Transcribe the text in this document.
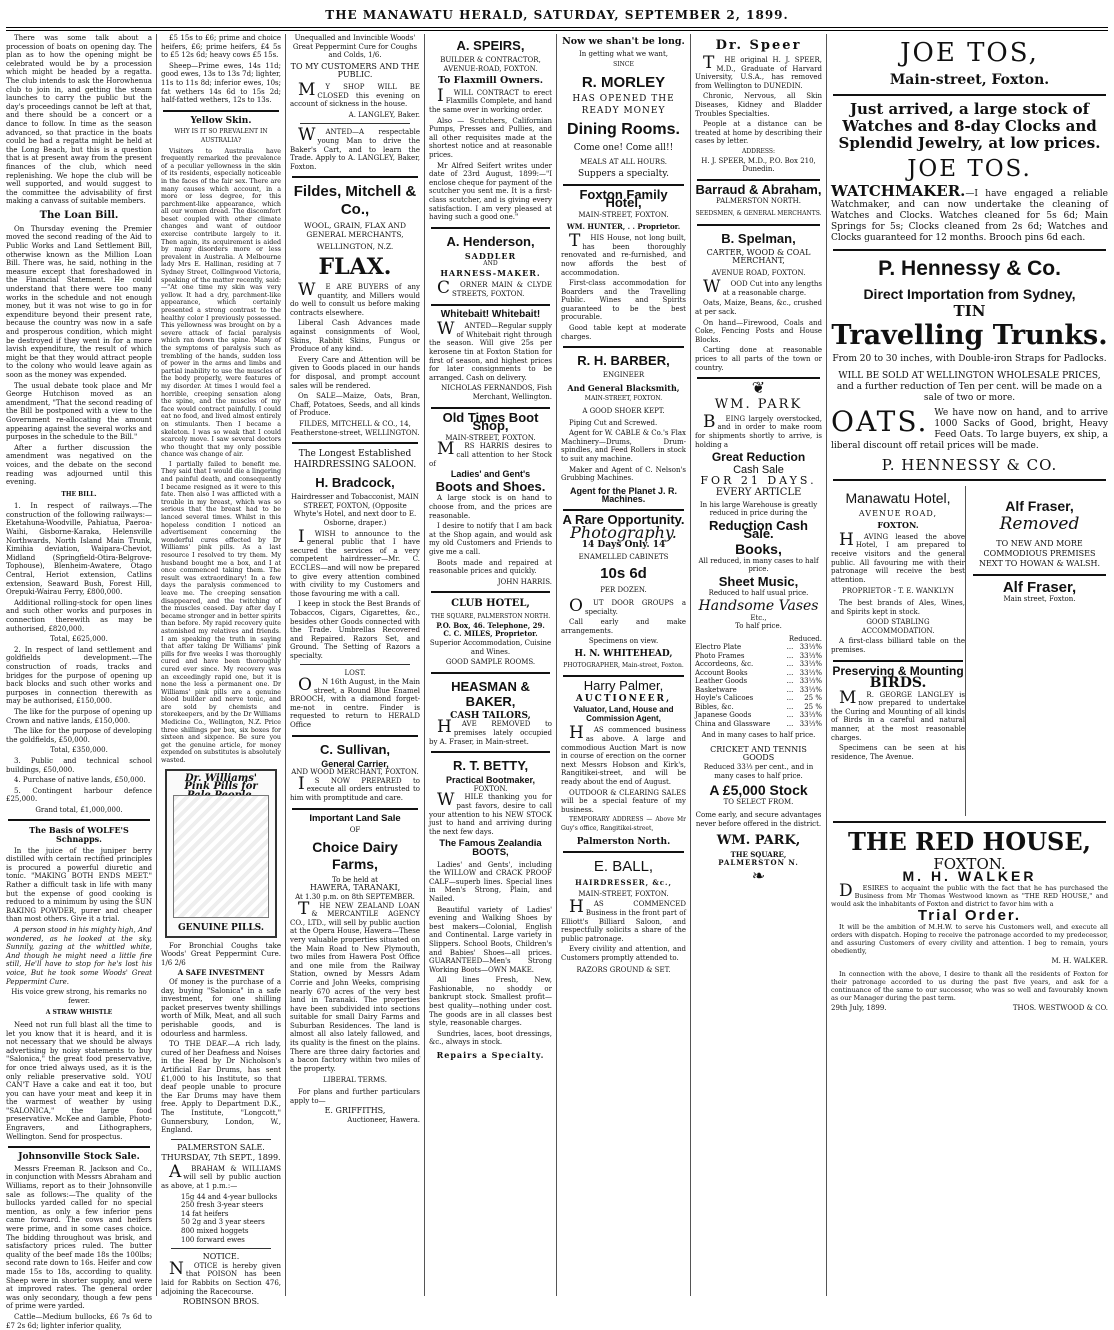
THE MANAWATU HERALD, SATURDAY, SEPTEMBER 2, 1899.

There was some talk about a procession of boats on opening day. The plan as to how the opening might be celebrated would be by a procession which might be headed by a regatta. The club intends to ask the Horowhenua club to join in, and getting the steam launches to carry the public but the day's proceedings cannot be left at that, and there should be a concert or a dance to follow. In time as the season advanced, so that practice in the boats could be had a regatta might be held at the Long Beach, but this is a question that is at present away from the present finances of the club, which need replenishing. We hope the club will be well supported, and would suggest to the committee the advisability of first making a canvass of suitable members.

The Loan Bill.

On Thursday evening the Premier moved the second reading of the Aid to Public Works and Land Settlement Bill, otherwise known as the Million Loan Bill. There was, he said, nothing in the measure except that foreshadowed in the Financial Statement. He could understand that there were too many works in the schedule and not enough money, but it was not wise to go in for expenditure beyond their present rate, because the country was now in a safe and prosperous condition, which might be destroyed if they went in for a more lavish expenditure, the result of which might be that they would attract people to the colony who would leave again as soon as the money was expended.

The usual debate took place and Mr George Hutchison moved as an amendment, "That the second reading of the Bill be postponed with a view to the Government re-allocating the amount appearing against the several works and purposes in the schedule to the Bill."

After a further discussion the amendment was negatived on the voices, and the debate on the second reading was adjourned until this evening.

THE BILL.

1. In respect of railways.—The construction of the following railways:—Eketahuna-Woodville, Pahiatua, Paeroa-Waihi, Gisborne-Karaka, Helensville Northwards, North Island Main Trunk, Kimihia deviation, Waipara-Cheviot, Midland (Springfield-Otira-Belgrove-Tophouse), Blenheim-Awatere, Otago Central, Heriot extension, Catlins extension, Seaward Bush, Forest Hill, Orepuki-Wairau Ferry, £800,000.

Additional rolling-stock for open lines and such other works and purposes in connection therewith as may be authorised, £820,000.

Total, £625,000.

2. In respect of land settlement and goldfields development.—The construction of roads, tracks and bridges for the purpose of opening up back blocks and such other works and purposes in connection therewith as may be authorised, £150,000.

The like for the purpose of opening up Crown and native lands, £150,000.

The like for the purpose of developing the goldfields, £50,000.

Total, £350,000.

3. Public and technical school buildings, £50,000.

4. Purchase of native lands, £50,000.

5. Contingent harbour defence £25,000.

Grand total, £1,000,000.

The Basis of WOLFE'S Schnapps.

In the juice of the juniper berry distilled with certain rectified principles is procured a powerful diuretic and tonic. "MAKING BOTH ENDS MEET." Rather a difficult task in life with many but the expense of good cooking is reduced to a minimum by using the SUN BAKING POWDER, purer and cheaper than most others. Give it a trial.

A person stood in his mighty high, And wondered, as he looked at the sky, Sunnily, gazing at the whittled white, And though he might need a little fire still, He'll have to stop for he's lost his voice, But he took some Woods' Great Peppermint Cure.

His voice grew strong, his remarks no fewer.

A STRAW WHISTLE

Need not run full blast all the time to let you know that it is heard, and it is not necessary that we should be always advertising by noisy statements to buy "Salonica," the great food preservative, for once tried always used, as it is the only reliable preservative sold. YOU CAN'T Have a cake and eat it too, but you can have your meat and keep it in the warmest of weather by using "SALONICA," the large food preservative. McKee and Gamble, Photo-Engravers, and Lithographers, Wellington. Send for prospectus.

Johnsonville Stock Sale.

Messrs Freeman R. Jackson and Co., in conjunction with Messrs Abraham and Williams, report as to their Johnsonville sale as follows:—The quality of the bullocks yarded called for no special mention, as only a few inferior pens came forward. The cows and heifers were prime, and in some cases choice. The bidding throughout was brisk, and satisfactory prices ruled. The butter quality of the beef made 18s the 100lbs; second rate down to 16s. Heifer and cow made 15s to 18s, according to quality. Sheep were in shorter supply, and were at improved rates. The general order was only secondary, though a few pens of prime were yarded.

Cattle—Medium bullocks, £6 7s 6d to £7 2s 6d; lighter inferior quality,

£5 15s to £6; prime and choice heifers, £6; prime heifers, £4 5s to £5 12s 6d; heavy cows £5 15s.

Sheep—Prime ewes, 14s 11d; good ewes, 13s to 13s 7d; lighter, 11s to 11s 8d; inferior ewes, 10s; fat wethers 14s 6d to 15s 2d; half-fatted wethers, 12s to 13s.

Yellow Skin.
WHY IS IT SO PREVALENT IN AUSTRALIA?

Visitors to Australia have frequently remarked the prevalence of a peculiar yellowness in the skin of its residents, especially noticeable in the faces of the fair sex. There are many causes which account, in a more or less degree, for this parchment-like appearance, which all our women dread. The discomfort beset coupled with other climate changes and want of outdoor exercise contribute largely to it. Then again, its acquirement is aided by many disorders more or less prevalent in Australia. A Melbourne lady Mrs E. Hallinan, residing at 7 Sydney Street, Collingwood Victoria, speaking of the matter recently, said:—"At one time my skin was very yellow. It had a dry, parchment-like appearance, which certainly presented a strong contrast to the healthy color I previously possessed. This yellowness was brought on by a severe attack of facial paralysis which ran down the spine. Many of the symptoms of paralysis such as trembling of the hands, sudden loss of power in the arms and limbs and partial inability to use the muscles of the body properly, were features of my disorder. At times I would feel a horrible, creeping sensation along the spine, and the muscles of my face would contract painfully. I could eat no food, and lived almost entirely on stimulants. Then I became a skeleton. I was so weak that I could scarcely move. I saw several doctors who thought that my only possible chance was change of air.

I partially failed to benefit me. They said that I would die a lingering and painful death, and consequently I became resigned as it were to this fate. Then also I was afflicted with a trouble in my breast, which was so serious that the breast had to be lanced several times. Whilst in this hopeless condition I noticed an advertisement concerning the wonderful cures effected by Dr Williams' pink pills. As a last resource I resolved to try them. My husband bought me a box, and I at once commenced taking them. The result was extraordinary! In a few days the paralysis commenced to leave me. The creeping sensation disappeared, and the twitching of the muscles ceased. Day after day I became stronger and in better spirits than before. My rapid recovery quite astonished my relatives and friends. I am speaking the truth in saying that after taking Dr Williams' pink pills for five weeks I was thoroughly cured and have been thoroughly cured ever since. My recovery was an exceedingly rapid one, but it is none the less a permanent one. Dr Williams' pink pills are a genuine blood builder and nerve tonic, and are sold by chemists and storekeepers, and by the Dr Williams Medicine Co., Wellington, N.Z. Price three shillings per box, six boxes for sixteen and sixpence. Be sure you get the genuine article, for money expended on substitutes is absolutely wasted.

Dr. Williams' Pink Pills for
GENUINE PILLS.

For Bronchial Coughs take Woods' Great Peppermint Cure. 1/6 2/6

A SAFE INVESTMENT

Of money is the purchase of a day, buying "Salonica" in a safe investment, for one shilling packet preserves twenty shillings worth of Milk, Meat, and all such perishable goods, and is odourless and harmless.

TO THE DEAF.—A rich lady, cured of her Deafness and Noises in the Head by Dr Nicholson's Artificial Ear Drums, has sent £1,000 to his Institute, so that deaf people unable to procure the Ear Drums may have them free. Apply to Department D.K., The Institute, "Longcott," Gunnersbury, London, W., England.

PALMERSTON SALE.
THURSDAY, 7th SEPT., 1899.

ABRAHAM & WILLIAMS will sell by public auction as above, at 1 p.m.:—

15g 44 and 4-year bullocks
250 fresh 3-year steers
14 fat heifers
50 2g and 3 year steers
800 mixed hoggets
100 forward ewes
NOTICE.

NOTICE is hereby given that POISON has been laid for Rabbits on Section 476, adjoining the Racecourse.

ROBINSON BROS.

Unequalled and Invincible Woods' Great Peppermint Cure for Coughs and Colds, 1/6.

TO MY CUSTOMERS AND THE PUBLIC.

MY SHOP WILL BE CLOSED this evening on account of sickness in the house.

A. LANGLEY, Baker.

WANTED—A respectable young Man to drive the Baker's Cart, and to learn the Trade. Apply to A. LANGLEY, Baker, Foxton.

Fildes, Mitchell & Co.,
WOOL, GRAIN, FLAX AND GENERAL MERCHANTS,
WELLINGTON, N.Z.
FLAX.

WE ARE BUYERS of any quantity, and Millers would do well to consult us before making contracts elsewhere.

Liberal Cash Advances made against consignments of Wool, Skins, Rabbit Skins, Fungus or Produce of any kind.

Every Care and Attention will be given to Goods placed in our hands for disposal, and prompt account sales will be rendered.

On SALE—Maize, Oats, Bran, Chaff, Potatoes, Seeds, and all kinds of Produce.

FILDES, MITCHELL & CO., 14, Featherstone-street, WELLINGTON.

The Longest Established HAIRDRESSING SALOON.
H. Bradcock,

Hairdresser and Tobacconist, MAIN STREET, FOXTON, (Opposite Whyte's Hotel, and next door to E. Osborne, draper.)

IWISH to announce to the general public that I have secured the services of a very competent hairdresser—Mr. C. ECCLES—and will now be prepared to give every attention combined with civility to my Customers and those favouring me with a call.

I keep in stock the Best Brands of Tobaccos, Cigars, Cigarettes, &c., besides other Goods connected with the Trade. Umbrellas Recovered and Repaired. Razors Set, and Ground. The Setting of Razors a specialty.

LOST.

ON 16th August, in the Main street, a Round Blue Enamel BROOCH, with a diamond forget-me-not in centre. Finder is requested to return to HERALD Office

C. Sullivan,
General Carrier,
AND WOOD MERCHANT, FOXTON.

IS NOW PREPARED to execute all orders entrusted to him with promptitude and care.

Important Land Sale
OF
Choice Dairy Farms,
To be held at
HAWERA, TARANAKI,
At 1.30 p.m. on 8th SEPTEMBER.

THE NEW ZEALAND LOAN & MERCANTILE AGENCY CO., LTD., will sell by public auction at the Opera House, Hawera—These very valuable properties situated on the Main Road to New Plymouth, two miles from Hawera Post Office and one mile from the Railway Station, owned by Messrs Adam Corrie and John Weeks, comprising nearly 670 acres of the very best land in Taranaki. The properties have been subdivided into sections suitable for small Dairy Farms and Suburban Residences. The land is almost all also lately fallowed, and its quality is the finest on the plains. There are three dairy factories and a bacon factory within two miles of the property.

LIBERAL TERMS.

For plans and further particulars apply to—

E. GRIFFITHS,
Auctioneer, Hawera.
A. SPEIRS,

BUILDER & CONTRACTOR, AVENUE-ROAD, FOXTON.

To Flaxmill Owners.

IWILL CONTRACT to erect Flaxmills Complete, and hand the same over in working order.

Also — Scutchers, Californian Pumps, Presses and Pullies, and all other requisites made at the shortest notice and at reasonable prices.

Mr Alfred Seifert writes under date of 23rd August, 1899:—"I enclose cheque for payment of the scutcher you sent me. It is a first-class scutcher, and is giving every satisfaction. I am very pleased at having such a good one."

A. Henderson,
SADDLER
AND
HARNESS-MAKER.

CORNER MAIN & CLYDE STREETS, FOXTON.

Whitebait! Whitebait!

WANTED—Regular supply of Whitebait right through the season. Will give 25s per kerosene tin at Foxton Station for first of season, and highest prices for later consignments to be arranged. Cash on delivery.

NICHOLAS FERNANDOS, Fish Merchant, Wellington.

Old Times Boot Shop,
MAIN-STREET, FOXTON.

MRS HARRIS desires to call attention to her Stock of

Ladies' and Gent's
Boots and Shoes.

A large stock is on hand to choose from, and the prices are reasonable.

I desire to notify that I am back at the Shop again, and would ask my old Customers and Friends to give me a call.

Boots made and repaired at reasonable prices and quickly.

JOHN HARRIS.
CLUB HOTEL,
THE SQUARE, PALMERSTON NORTH.
P.O. Box, 46. Telephone, 29.
C. C. MILES, Proprietor.

Superior Accommodation, Cuisine and Wines.

GOOD SAMPLE ROOMS.
HEASMAN & BAKER,
CASH TAILORS,

HAVE REMOVED to premises lately occupied by A. Fraser, in Main-street.

R. T. BETTY,
Practical Bootmaker,
FOXTON.

WHILE thanking you for past favors, desire to call your attention to his NEW STOCK just to hand and arriving during the next few days.

The Famous Zealandia BOOTS,

Ladies' and Gents', including the WILLOW and CRACK PROOF CALF—superb lines. Special lines in Men's Strong, Plain, and Nailed.

Beautiful variety of Ladies' evening and Walking Shoes by best makers—Colonial, English and Continental. Large variety in Slippers. School Boots, Children's and Babies' Shoes—all prices. GUARANTEED—Men's Strong Working Boots—OWN MAKE.

All lines Fresh, New, Fashionable, no shoddy or bankrupt stock. Smallest profit—best quality—nothing under cost. The goods are in all classes best style, reasonable charges.

Sundries, laces, boot dressings, &c., always in stock.

Repairs a Specialty.
Now we shan't be long.
In getting what we want,
SINCE
R. MORLEY
HAS OPENED THE
READY MONEY
Dining Rooms.
Come one! Come all!!
MEALS AT ALL HOURS.
Suppers a specialty.
Foxton Family Hotel,
MAIN-STREET, FOXTON.
WM. HUNTER, . . Proprietor.

THIS House, not long built, has been thoroughly renovated and re-furnished, and now affords the best of accommodation.

First-class accommodation for Boarders and the Travelling Public. Wines and Spirits guaranteed to be the best procurable.

Good table kept at moderate charges.

R. H. BARBER,
ENGINEER
And General Blacksmith,
MAIN-STREET, FOXTON.
A GOOD SHOER KEPT.

Piping Cut and Screwed.

Agent for W. CABLE & Co.'s Flax Machinery—Drums, Drum-spindles, and Feed Rollers in stock to suit any machine.

Maker and Agent of C. Nelson's Grubbing Machines.

Agent for the Planet J. R. Machines.
A Rare Opportunity.
Photography.
14 Days Only. 14
ENAMELLED CABINETS
10s 6d
PER DOZEN.

OUT DOOR GROUPS a specialty.

Call early and make arrangements.

Specimens on view.
H. N. WHITEHEAD,
PHOTOGRAPHER, Main-street, Foxton.
Harry Palmer,
AUCTIONEER,
Valuator, Land, House and Commission Agent,

HAS commenced business as above. A large and commodious Auction Mart is now in course of erection on the corner next Messrs Hobson and Kirk's, Rangitikei-street, and will be ready about the end of August.

OUTDOOR & CLEARING SALES will be a special feature of my business.

TEMPORARY ADDRESS — Above Mr Guy's office, Rangitikei-street,

Palmerston North.
E. BALL,
HAIRDRESSER, &c.,
MAIN-STREET, FOXTON.

HAS COMMENCED Business in the front part of Elliott's Billiard Saloon, and respectfully solicits a share of the public patronage.

Every civility and attention, and Customers promptly attended to.

RAZORS GROUND & SET.
Dr. Speer

THE original H. J. SPEER, M.D., Graduate of Harvard University, U.S.A., has removed from Wellington to DUNEDIN.

Chronic, Nervous, all Skin Diseases, Kidney and Bladder Troubles Specialties.

People at a distance can be treated at home by describing their cases by letter.

ADDRESS:

H. J. SPEER, M.D., P.O. Box 210, Dunedin.

Barraud & Abraham,
PALMERSTON NORTH.
SEEDSMEN, & GENERAL MERCHANTS.
B. Spelman,
CARTER, WOOD & COAL MERCHANT,
AVENUE ROAD, FOXTON.

WOOD Cut into any lengths at a reasonable charge.

Oats, Maize, Beans, &c., crushed at per sack.

On hand—Firewood, Coals and Coke, Fencing Posts and House Blocks.

Carting done at reasonable prices to all parts of the town or country.

❦
WM. PARK

BEING largely overstocked, and in order to make room for shipments shortly to arrive, is holding a

Great Reduction
Cash Sale
FOR 21 DAYS.
EVERY ARTICLE

In his large Warehouse is greatly reduced in price during the

Reduction Cash Sale.
Books,

All reduced, in many cases to half price.

Sheet Music,
Reduced to half usual price.
Handsome Vases
Etc.,
To half price.
Reduced.
Electro Plate	...	33⅓%
Photo Frames	...	33⅓%
Accordeons, &c.	...	33⅓%
Account Books	...	33⅓%
Leather Goods	...	33⅓%
Basketware	...	33⅓%
Hoyle's Calicoes	...	25 %
Bibles, &c.	...	25 %
Japanese Goods	...	33⅓%
China and Glassware	...	33⅓%

And in many cases to half price.

CRICKET AND TENNIS
GOODS

Reduced 33⅓ per cent., and in many cases to half price.

A £5,000 Stock
TO SELECT FROM.

Come early, and secure advantages never before offered in the district.

WM. PARK,
THE SQUARE,
PALMERSTON N.
❧
JOE TOS,
Main-street, Foxton.
Just arrived, a large stock of Watches and 8-day Clocks and Splendid Jewelry, at low prices.
JOE TOS.

WATCHMAKER.—I have engaged a reliable Watchmaker, and can now undertake the cleaning of Watches and Clocks. Watches cleaned for 5s 6d; Main Springs for 5s; Clocks cleaned from 2s 6d; Watches and Clocks guaranteed for 12 months. Brooch pins 6d each.

P. Hennessy & Co.
Direct Importation from Sydney,
TIN
Travelling Trunks.

From 20 to 30 inches, with Double-iron Straps for Padlocks.

WILL BE SOLD AT WELLINGTON WHOLESALE PRICES, and a further reduction of Ten per cent. will be made on a sale of two or more.

OATS. We have now on hand, and to arrive 1000 Sacks of Good, bright, Heavy Feed Oats. To large buyers, ex ship, a liberal discount off retail prices will be made.

P. HENNESSY & CO.
Manawatu Hotel,
AVENUE ROAD,
FOXTON.

HAVING leased the above Hotel, I am prepared to receive visitors and the general public. All favouring me with their patronage will receive the best attention.

PROPRIETOR - T. E. WANKLYN

The best brands of Ales, Wines, and Spirits kept in stock.

GOOD STABLING ACCOMMODATION.

A first-class billiard table on the premises.

Preserving & Mounting
BIRDS.

MR. GEORGE LANGLEY is now prepared to undertake the Curing and Mounting of all kinds of Birds in a careful and natural manner, at the most reasonable charges.

Specimens can be seen at his residence, The Avenue.

Alf Fraser,
Removed

TO NEW AND MORE COMMODIOUS PREMISES NEXT TO HOWAN & WALSH.

Alf Fraser,
Main street, Foxton.
THE RED HOUSE,
FOXTON.
M. H. WALKER

DESIRES to acquaint the public with the fact that he has purchased the Business from Mr Thomas Westwood known as "THE RED HOUSE," and would ask the inhabitants of Foxton and district to favor him with a

Trial Order.

It will be the ambition of M.H.W. to serve his Customers well, and execute all orders with dispatch. Hoping to receive the patronage accorded to my predecessor, and assuring Customers of every civility and attention. I beg to remain, yours obediently,

M. H. WALKER.

In connection with the above, I desire to thank all the residents of Foxton for their patronage accorded to us during the past five years, and ask for a continuance of the same to our successor, who was so well and favourably known as our Manager during the past term.

29th July, 1899.	THOS. WESTWOOD & CO.
